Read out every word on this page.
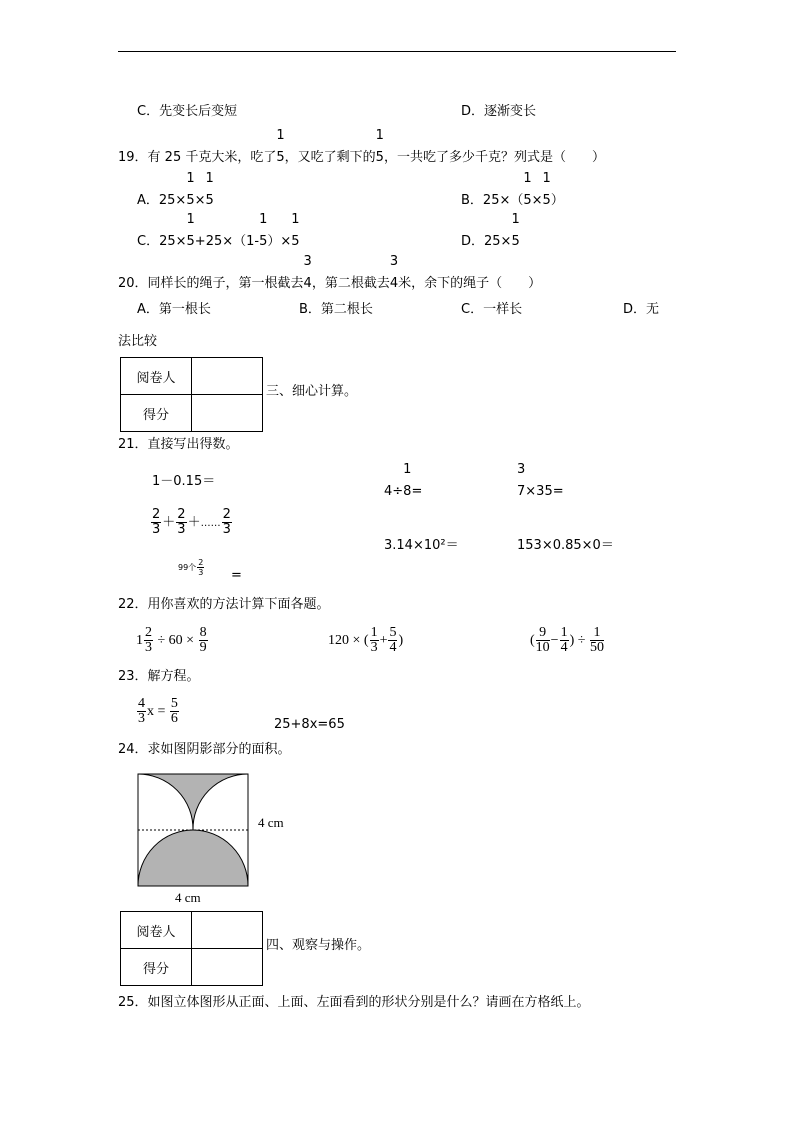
C．先变长后变短	D．逐渐变长
19．有 25 千克大米，吃了
1
5，又吃了剩下的
1
5，一共吃了多少千克？列式是（　　）
A．25×
1
5×
1
5	B．25×（
1
5×
1
5）
C．25×
1
5+25×（1-
1
5）×
1
5	D．25×
1
5
20．同样长的绳子，第一根截去
3
4，第二根截去
3
4米，余下的绳子（　　）
A．第一根长	B．第二根长	C．一样长	D．无
法比较
阅卷人	
得分	
三、细心计算。
21．直接写出得数。
1－0.15＝
4÷
1
8=
3
7×35=
$\frac{2}{3} + \frac{2}{3}$ ＋…… $\frac{2}{3}$
99个 $\frac{2}{3}$ =
3.14×10²＝	153×0.85×0＝
22．用你喜欢的方法计算下面各题。
$1 \frac{2}{3} \div 60 \times \frac{8}{9}$	120 × ( $\frac{1}{3} + \frac{5}{4}$ )	( $\frac{9}{10} - \frac{1}{4}$ ) ÷ $\frac{1}{50}$
23．解方程。
$\frac{4}{3}$ $x = \frac{5}{6}$	25+8x=65
24．求如图阴影部分的面积。
4 cm
4 cm
阅卷人	
得分	
四、观察与操作。
25．如图立体图形从正面、上面、左面看到的形状分别是什么？请画在方格纸上。
